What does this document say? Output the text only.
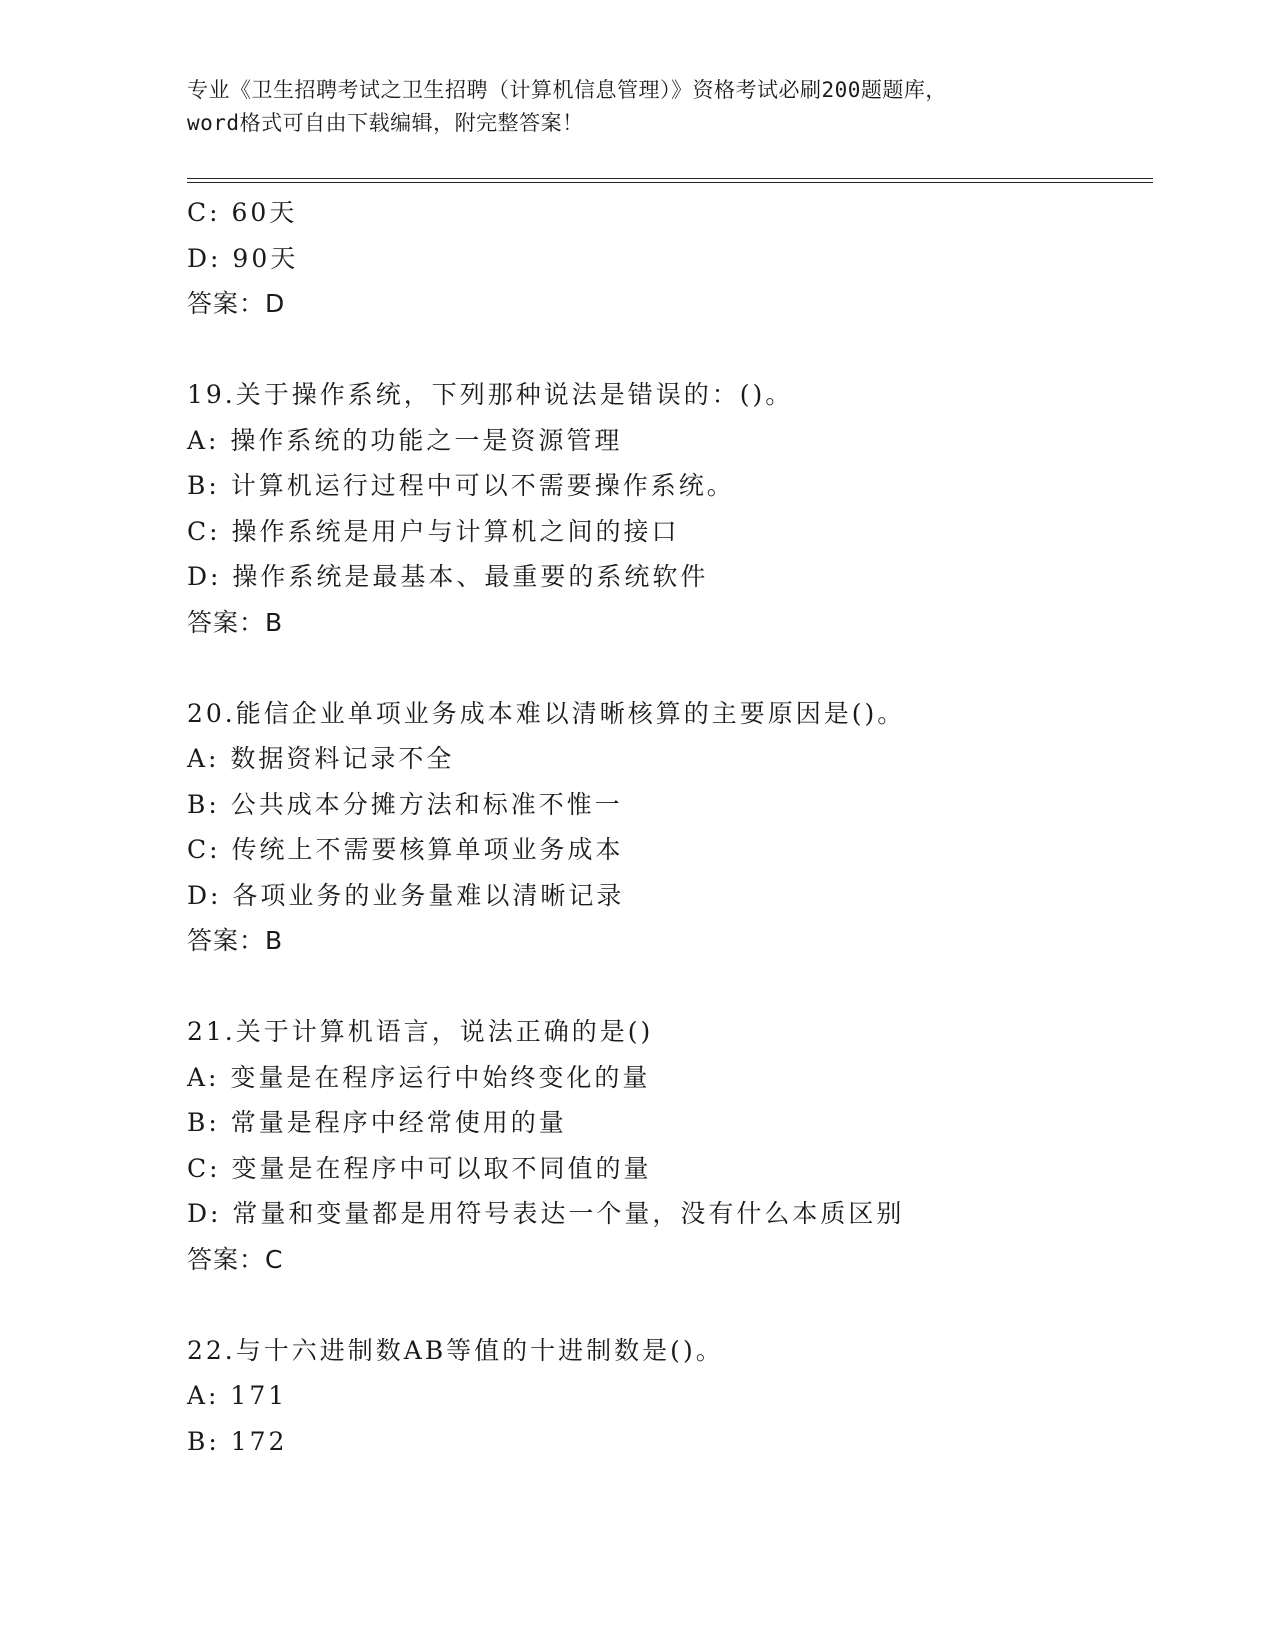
专业《卫生招聘考试之卫生招聘（计算机信息管理）》资格考试必刷200题题库，
word格式可自由下载编辑，附完整答案！
C: 60天
D: 90天
答案：D
19.关于操作系统，下列那种说法是错误的：()。
A: 操作系统的功能之一是资源管理
B: 计算机运行过程中可以不需要操作系统。
C: 操作系统是用户与计算机之间的接口
D: 操作系统是最基本、最重要的系统软件
答案：B
20.能信企业单项业务成本难以清晰核算的主要原因是()。
A: 数据资料记录不全
B: 公共成本分摊方法和标准不惟一
C: 传统上不需要核算单项业务成本
D: 各项业务的业务量难以清晰记录
答案：B
21.关于计算机语言，说法正确的是()
A: 变量是在程序运行中始终变化的量
B: 常量是程序中经常使用的量
C: 变量是在程序中可以取不同值的量
D: 常量和变量都是用符号表达一个量，没有什么本质区别
答案：C
22.与十六进制数AB等值的十进制数是()。
A: 171
B: 172
